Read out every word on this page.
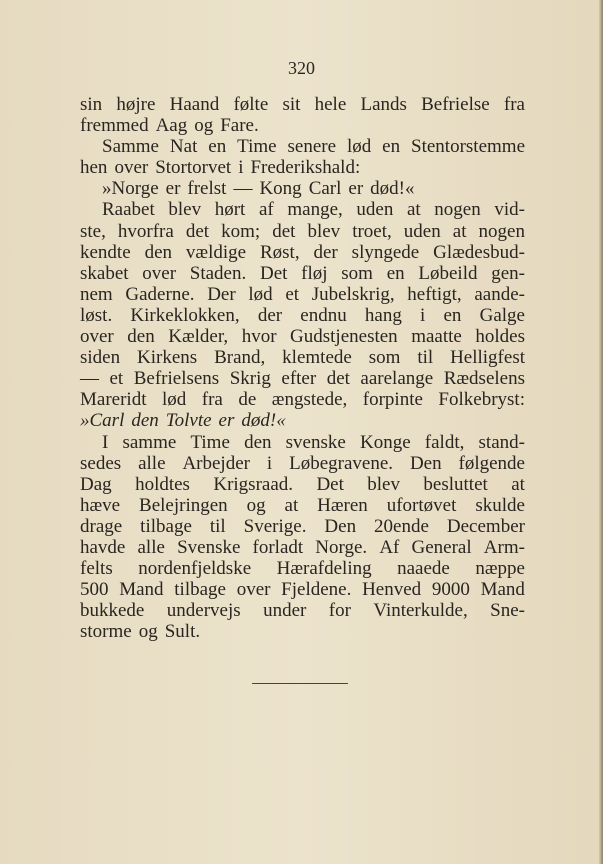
320
sin højre Haand følte sit hele Lands Befrielse fra
fremmed Aag og Fare.
Samme Nat en Time senere lød en Stentorstemme
hen over Stortorvet i Frederikshald:
»Norge er frelst — Kong Carl er død!«
Raabet blev hørt af mange, uden at nogen vid-
ste, hvorfra det kom; det blev troet, uden at nogen
kendte den vældige Røst, der slyngede Glædesbud-
skabet over Staden. Det fløj som en Løbeild gen-
nem Gaderne. Der lød et Jubelskrig, heftigt, aande-
løst. Kirkeklokken, der endnu hang i en Galge
over den Kælder, hvor Gudstjenesten maatte holdes
siden Kirkens Brand, klemtede som til Helligfest
— et Befrielsens Skrig efter det aarelange Rædselens
Mareridt lød fra de ængstede, forpinte Folkebryst:
»Carl den Tolvte er død!«
I samme Time den svenske Konge faldt, stand-
sedes alle Arbejder i Løbegravene. Den følgende
Dag holdtes Krigsraad. Det blev besluttet at
hæve Belejringen og at Hæren ufortøvet skulde
drage tilbage til Sverige. Den 20ende December
havde alle Svenske forladt Norge. Af General Arm-
felts nordenfjeldske Hærafdeling naaede næppe
500 Mand tilbage over Fjeldene. Henved 9000 Mand
bukkede undervejs under for Vinterkulde, Sne-
storme og Sult.
